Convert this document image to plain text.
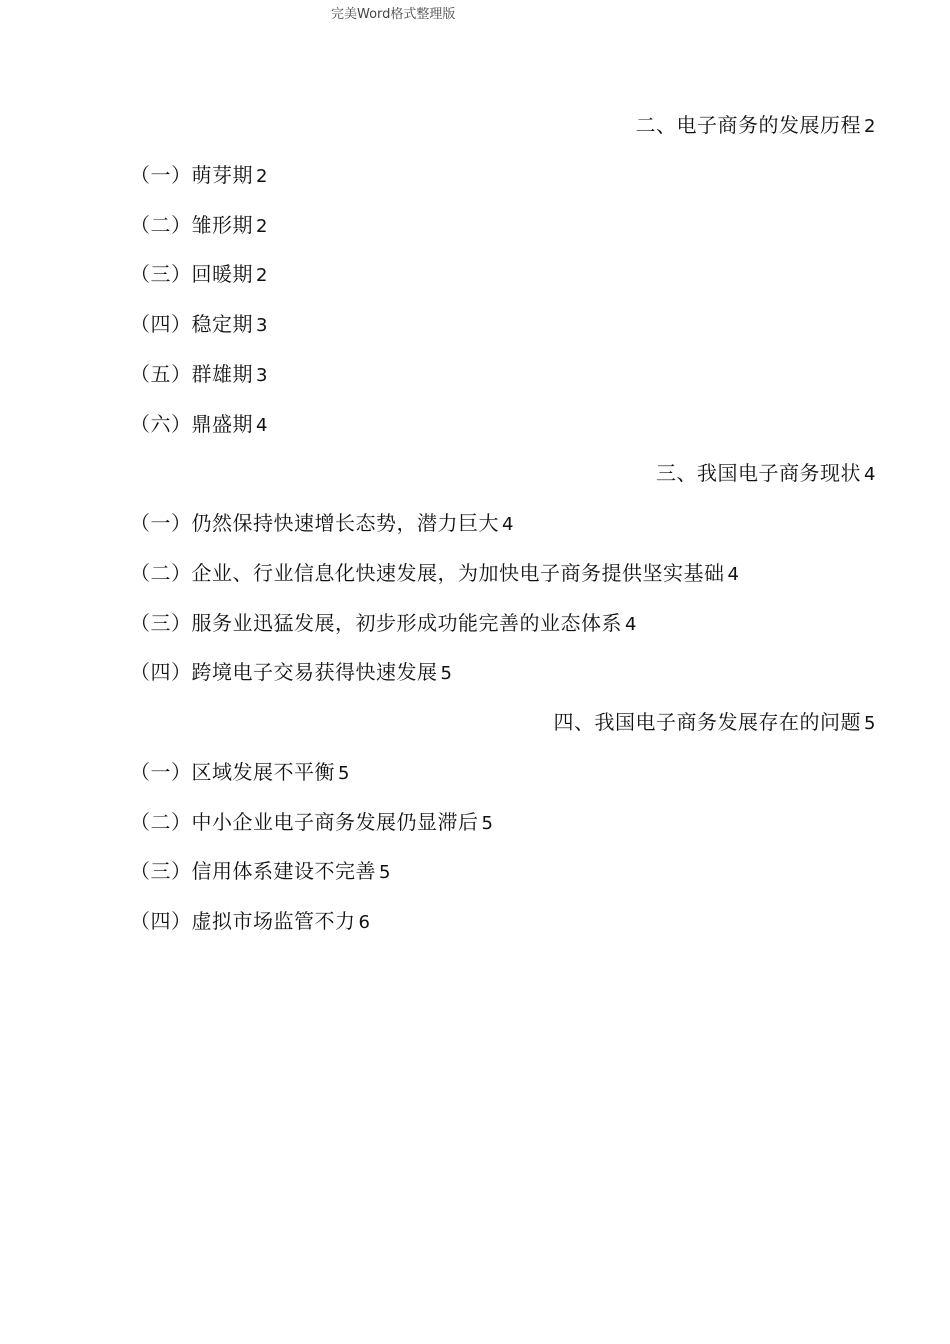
完美Word格式整理版
二、电子商务的发展历程 2
（一）萌芽期 2
（二）雏形期 2
（三）回暖期 2
（四）稳定期 3
（五）群雄期 3
（六）鼎盛期 4
三、我国电子商务现状 4
（一）仍然保持快速增长态势，潜力巨大 4
（二）企业、行业信息化快速发展，为加快电子商务提供坚实基础 4
（三）服务业迅猛发展，初步形成功能完善的业态体系 4
（四）跨境电子交易获得快速发展 5
四、我国电子商务发展存在的问题 5
（一）区域发展不平衡 5
（二）中小企业电子商务发展仍显滞后 5
（三）信用体系建设不完善 5
（四）虚拟市场监管不力 6
